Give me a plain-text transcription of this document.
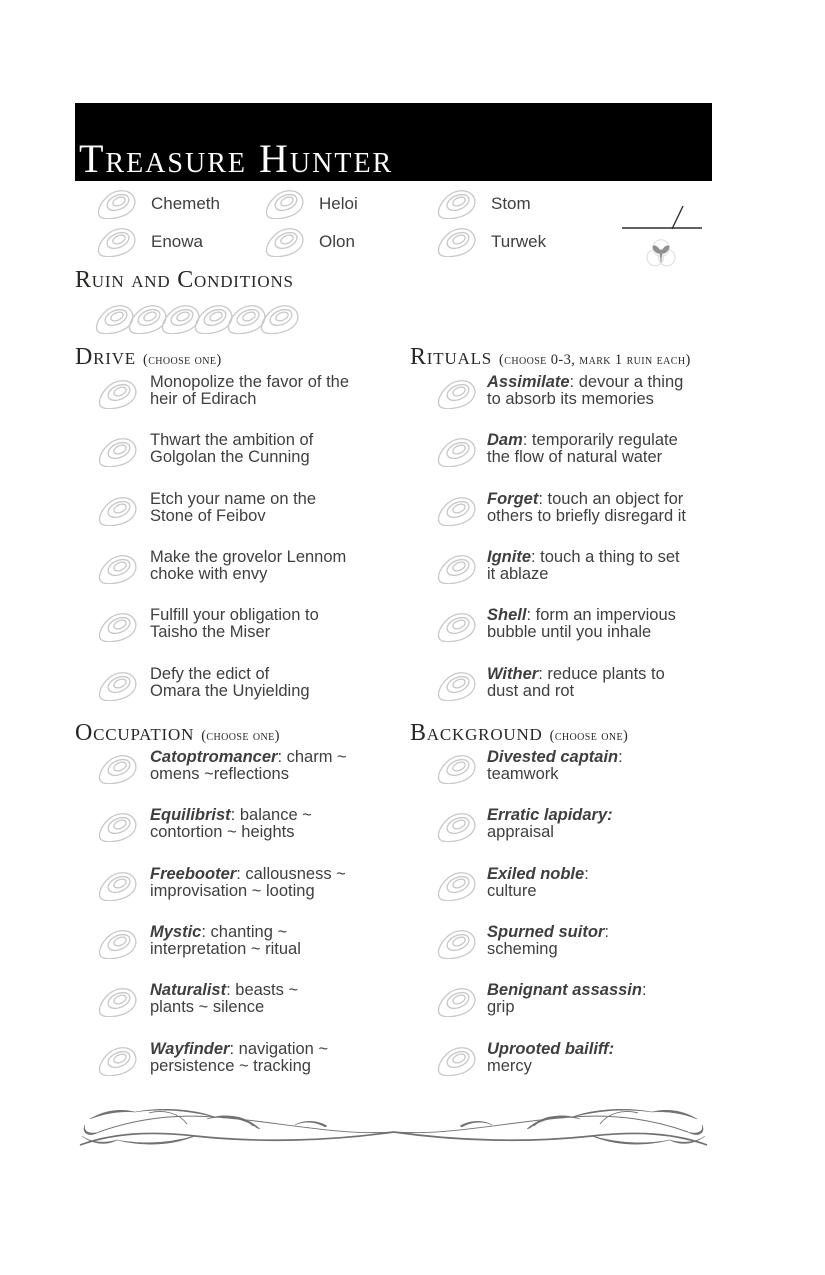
Treasure Hunter
Chemeth	Heloi	Stom
Enowa	Olon	Turwek
Ruin and Conditions
Drive (choose one)	Rituals (choose 0-3, mark 1 ruin each)
Monopolize the favor of the
heir of Edirach
Thwart the ambition of
Golgolan the Cunning
Etch your name on the
Stone of Feibov
Make the grovelor Lennom
choke with envy
Fulfill your obligation to
Taisho the Miser
Defy the edict of
Omara the Unyielding
Assimilate: devour a thing
to absorb its memories
Dam: temporarily regulate
the flow of natural water
Forget: touch an object for
others to briefly disregard it
Ignite: touch a thing to set
it ablaze
Shell: form an impervious
bubble until you inhale
Wither: reduce plants to
dust and rot
Occupation (choose one)	Background (choose one)
Catoptromancer: charm ~
omens ~reflections
Equilibrist: balance ~
contortion ~ heights
Freebooter: callousness ~
improvisation ~ looting
Mystic: chanting ~
interpretation ~ ritual
Naturalist: beasts ~
plants ~ silence
Wayfinder: navigation ~
persistence ~ tracking
Divested captain:
teamwork
Erratic lapidary:
appraisal
Exiled noble:
culture
Spurned suitor:
scheming
Benignant assassin:
grip
Uprooted bailiff:
mercy
